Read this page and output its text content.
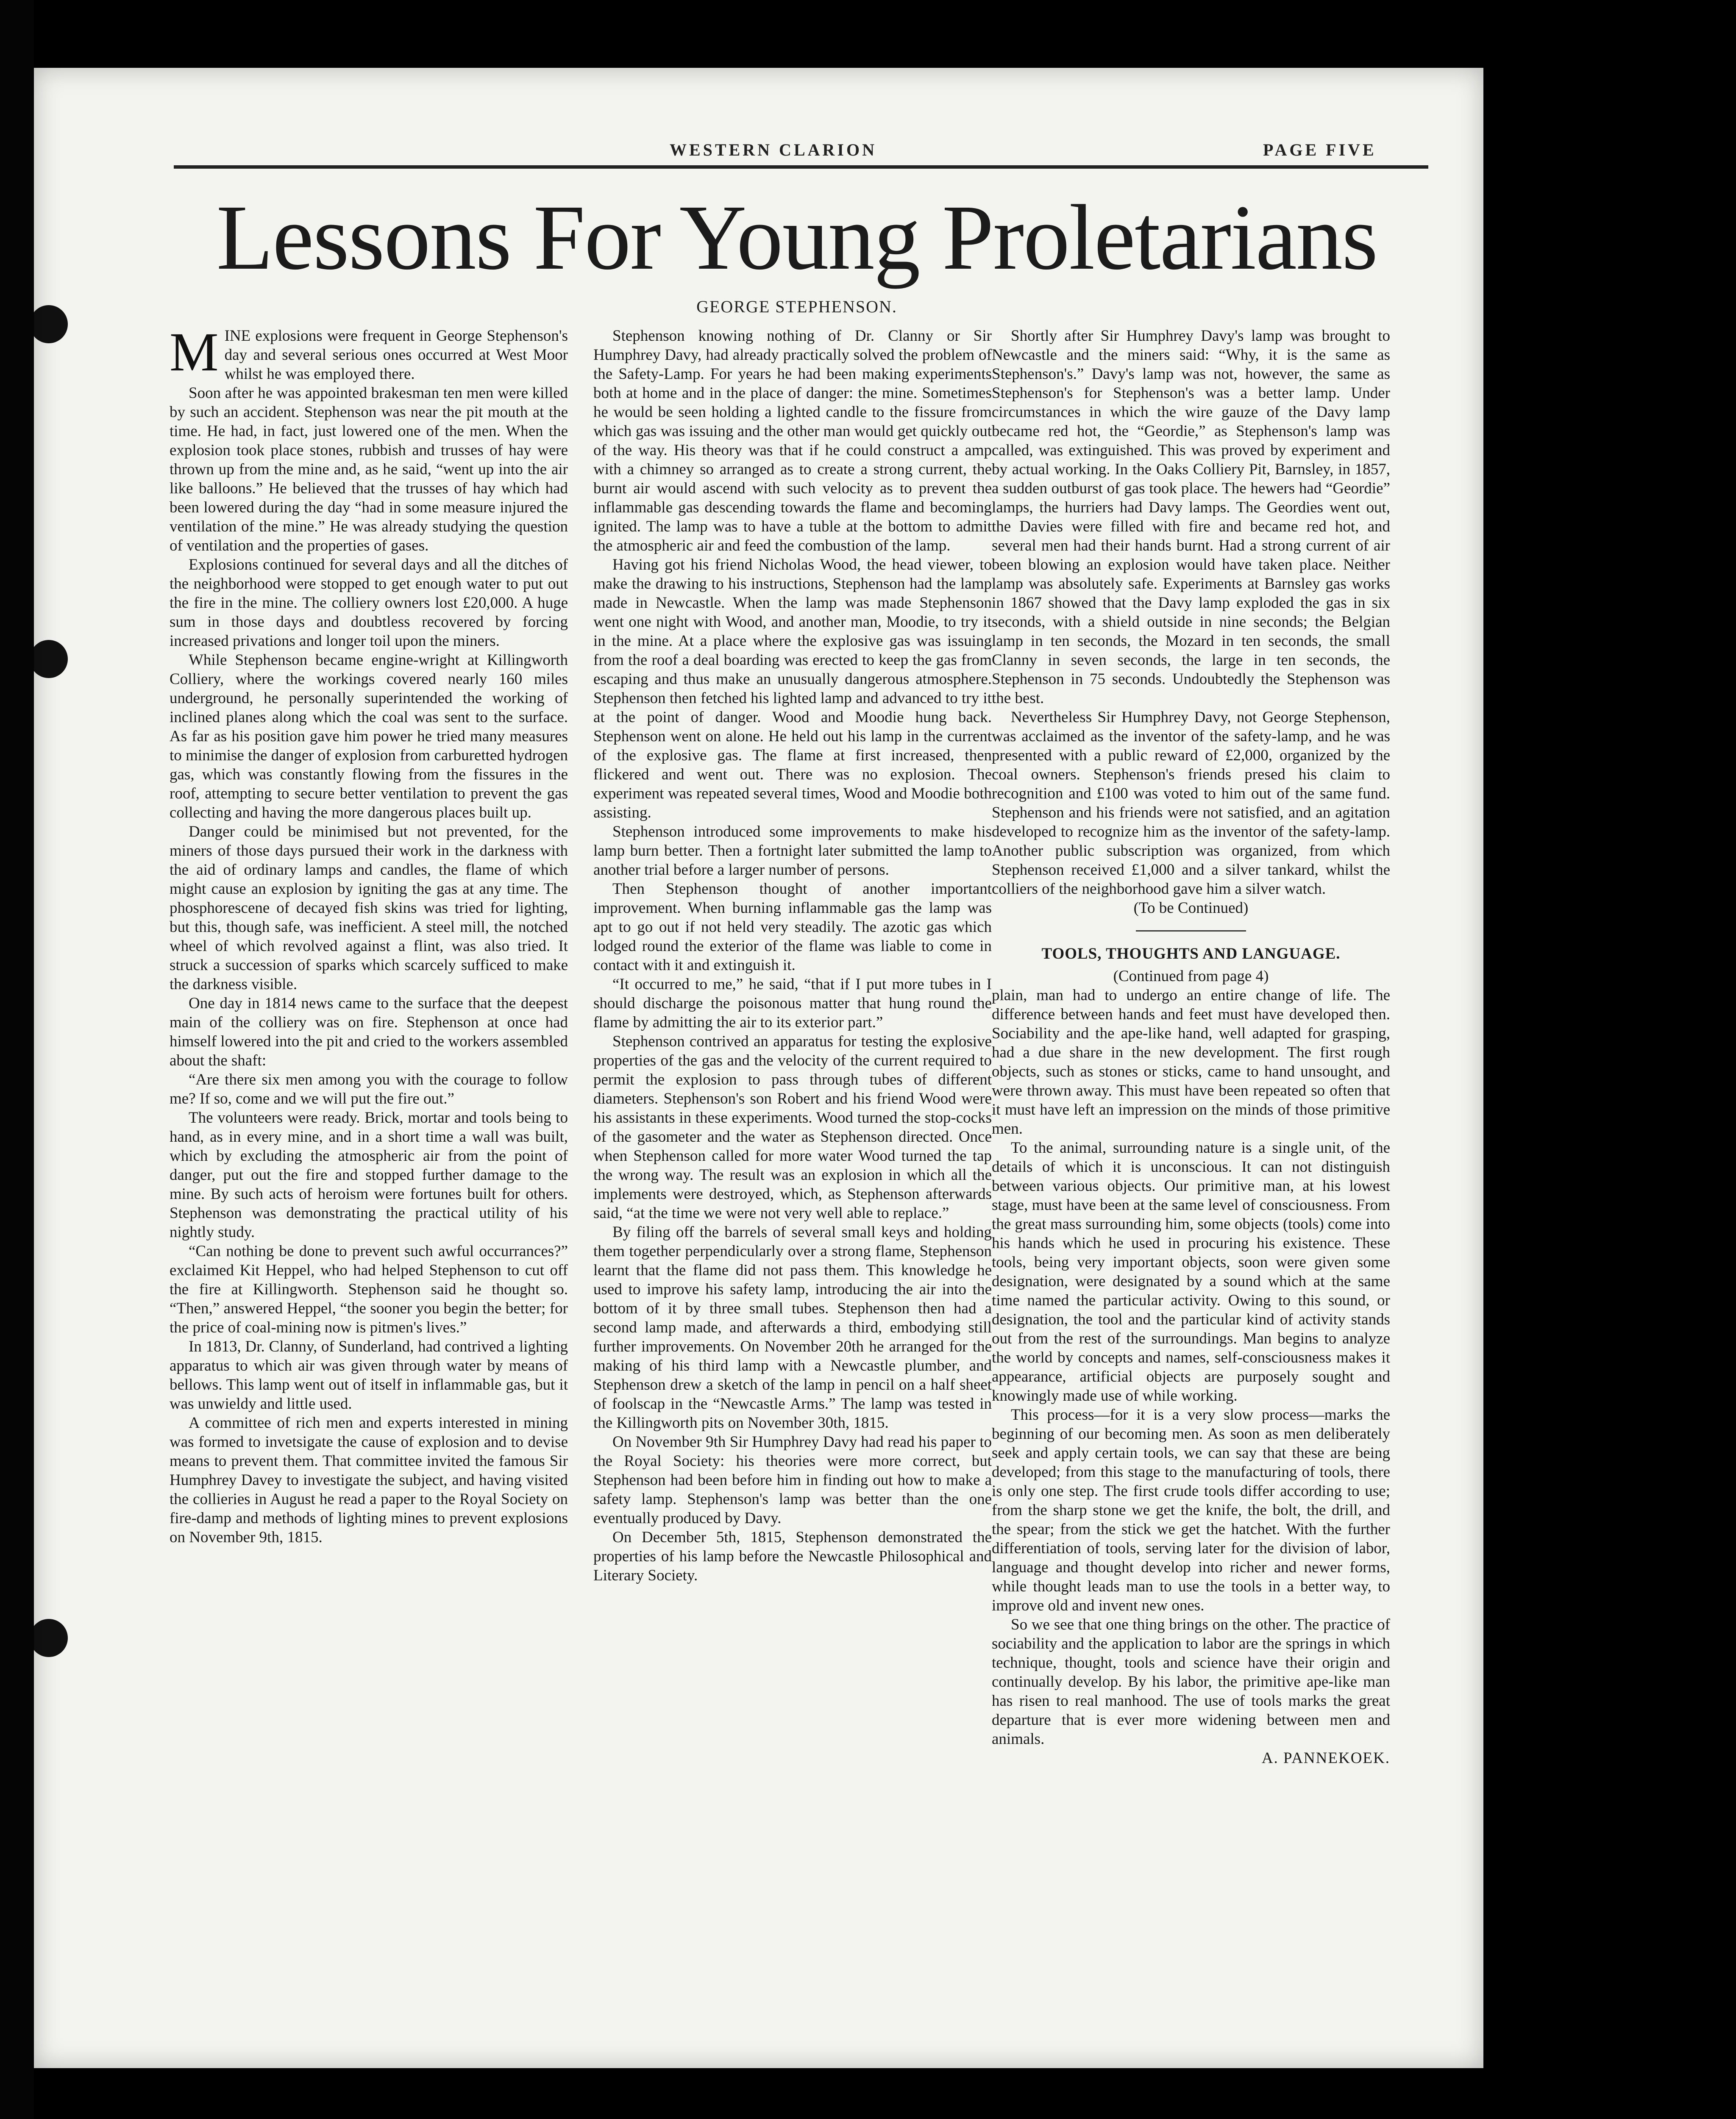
WESTERN CLARION	PAGE FIVE
Lessons For Young Proletarians
GEORGE STEPHENSON.

MINE explosions were frequent in George Stephenson's day and several serious ones occurred at West Moor whilst he was employed there.

Soon after he was appointed brakesman ten men were killed by such an accident. Stephenson was near the pit mouth at the time. He had, in fact, just lowered one of the men. When the explosion took place stones, rubbish and trusses of hay were thrown up from the mine and, as he said, “went up into the air like balloons.” He believed that the trusses of hay which had been lowered during the day “had in some measure injured the ventilation of the mine.” He was already studying the question of ventilation and the properties of gases.

Explosions continued for several days and all the ditches of the neighborhood were stopped to get enough water to put out the fire in the mine. The colliery owners lost £20,000. A huge sum in those days and doubtless recovered by forcing increased privations and longer toil upon the miners.

While Stephenson became engine-wright at Killingworth Colliery, where the workings covered nearly 160 miles underground, he personally superintended the working of inclined planes along which the coal was sent to the surface. As far as his position gave him power he tried many measures to minimise the danger of explosion from carburetted hydrogen gas, which was constantly flowing from the fissures in the roof, attempting to secure better ventilation to prevent the gas collecting and having the more dangerous places built up.

Danger could be minimised but not prevented, for the miners of those days pursued their work in the darkness with the aid of ordinary lamps and candles, the flame of which might cause an explosion by igniting the gas at any time. The phosphorescene of decayed fish skins was tried for lighting, but this, though safe, was inefficient. A steel mill, the notched wheel of which revolved against a flint, was also tried. It struck a succession of sparks which scarcely sufficed to make the darkness visible.

One day in 1814 news came to the surface that the deepest main of the colliery was on fire. Stephenson at once had himself lowered into the pit and cried to the workers assembled about the shaft:

“Are there six men among you with the courage to follow me? If so, come and we will put the fire out.”

The volunteers were ready. Brick, mortar and tools being to hand, as in every mine, and in a short time a wall was built, which by excluding the atmospheric air from the point of danger, put out the fire and stopped further damage to the mine. By such acts of heroism were fortunes built for others. Stephenson was demonstrating the practical utility of his nightly study.

“Can nothing be done to prevent such awful occurrances?” exclaimed Kit Heppel, who had helped Stephenson to cut off the fire at Killingworth. Stephenson said he thought so. “Then,” answered Heppel, “the sooner you begin the better; for the price of coal-mining now is pitmen's lives.”

In 1813, Dr. Clanny, of Sunderland, had contrived a lighting apparatus to which air was given through water by means of bellows. This lamp went out of itself in inflammable gas, but it was unwieldy and little used.

A committee of rich men and experts interested in mining was formed to invetsigate the cause of explosion and to devise means to prevent them. That committee invited the famous Sir Humphrey Davey to investigate the subject, and having visited the collieries in August he read a paper to the Royal Society on fire-damp and methods of lighting mines to prevent explosions on November 9th, 1815.

Stephenson knowing nothing of Dr. Clanny or Sir Humphrey Davy, had already practically solved the problem of the Safety-Lamp. For years he had been making experiments both at home and in the place of danger: the mine. Sometimes he would be seen holding a lighted candle to the fissure from which gas was issuing and the other man would get quickly out of the way. His theory was that if he could construct a amp with a chimney so arranged as to create a strong current, the burnt air would ascend with such velocity as to prevent the inflammable gas descending towards the flame and becoming ignited. The lamp was to have a tuble at the bottom to admit the atmospheric air and feed the combustion of the lamp.

Having got his friend Nicholas Wood, the head viewer, to make the drawing to his instructions, Stephenson had the lamp made in Newcastle. When the lamp was made Stephenson went one night with Wood, and another man, Moodie, to try it in the mine. At a place where the explosive gas was issuing from the roof a deal boarding was erected to keep the gas from escaping and thus make an unusually dangerous atmosphere. Stephenson then fetched his lighted lamp and advanced to try it at the point of danger. Wood and Moodie hung back. Stephenson went on alone. He held out his lamp in the current of the explosive gas. The flame at first increased, then flickered and went out. There was no explosion. The experiment was repeated several times, Wood and Moodie both assisting.

Stephenson introduced some improvements to make his lamp burn better. Then a fortnight later submitted the lamp to another trial before a larger number of persons.

Then Stephenson thought of another important improvement. When burning inflammable gas the lamp was apt to go out if not held very steadily. The azotic gas which lodged round the exterior of the flame was liable to come in contact with it and extinguish it.

“It occurred to me,” he said, “that if I put more tubes in I should discharge the poisonous matter that hung round the flame by admitting the air to its exterior part.”

Stephenson contrived an apparatus for testing the explosive properties of the gas and the velocity of the current required to permit the explosion to pass through tubes of different diameters. Stephenson's son Robert and his friend Wood were his assistants in these experiments. Wood turned the stop-cocks of the gasometer and the water as Stephenson directed. Once when Stephenson called for more water Wood turned the tap the wrong way. The result was an explosion in which all the implements were destroyed, which, as Stephenson afterwards said, “at the time we were not very well able to replace.”

By filing off the barrels of several small keys and holding them together perpendicularly over a strong flame, Stephenson learnt that the flame did not pass them. This knowledge he used to improve his safety lamp, introducing the air into the bottom of it by three small tubes. Stephenson then had a second lamp made, and afterwards a third, embodying still further improvements. On November 20th he arranged for the making of his third lamp with a Newcastle plumber, and Stephenson drew a sketch of the lamp in pencil on a half sheet of foolscap in the “Newcastle Arms.” The lamp was tested in the Killingworth pits on November 30th, 1815.

On November 9th Sir Humphrey Davy had read his paper to the Royal Society: his theories were more correct, but Stephenson had been before him in finding out how to make a safety lamp. Stephenson's lamp was better than the one eventually produced by Davy.

On December 5th, 1815, Stephenson demonstrated the properties of his lamp before the Newcastle Philosophical and Literary Society.

Shortly after Sir Humphrey Davy's lamp was brought to Newcastle and the miners said: “Why, it is the same as Stephenson's.” Davy's lamp was not, however, the same as Stephenson's for Stephenson's was a better lamp. Under circumstances in which the wire gauze of the Davy lamp became red hot, the “Geordie,” as Stephenson's lamp was called, was extinguished. This was proved by experiment and by actual working. In the Oaks Colliery Pit, Barnsley, in 1857, a sudden outburst of gas took place. The hewers had “Geordie” lamps, the hurriers had Davy lamps. The Geordies went out, the Davies were filled with fire and became red hot, and several men had their hands burnt. Had a strong current of air been blowing an explosion would have taken place. Neither lamp was absolutely safe. Experiments at Barnsley gas works in 1867 showed that the Davy lamp exploded the gas in six seconds, with a shield outside in nine seconds; the Belgian lamp in ten seconds, the Mozard in ten seconds, the small Clanny in seven seconds, the large in ten seconds, the Stephenson in 75 seconds. Undoubtedly the Stephenson was the best.

Nevertheless Sir Humphrey Davy, not George Stephenson, was acclaimed as the inventor of the safety-lamp, and he was presented with a public reward of £2,000, organized by the coal owners. Stephenson's friends presed his claim to recognition and £100 was voted to him out of the same fund. Stephenson and his friends were not satisfied, and an agitation developed to recognize him as the inventor of the safety-lamp. Another public subscription was organized, from which Stephenson received £1,000 and a silver tankard, whilst the colliers of the neighborhood gave him a silver watch.

(To be Continued)

TOOLS, THOUGHTS AND LANGUAGE.

(Continued from page 4)

plain, man had to undergo an entire change of life. The difference between hands and feet must have developed then. Sociability and the ape-like hand, well adapted for grasping, had a due share in the new development. The first rough objects, such as stones or sticks, came to hand unsought, and were thrown away. This must have been repeated so often that it must have left an impression on the minds of those primitive men.

To the animal, surrounding nature is a single unit, of the details of which it is unconscious. It can not distinguish between various objects. Our primitive man, at his lowest stage, must have been at the same level of consciousness. From the great mass surrounding him, some objects (tools) come into his hands which he used in procuring his existence. These tools, being very important objects, soon were given some designation, were designated by a sound which at the same time named the particular activity. Owing to this sound, or designation, the tool and the particular kind of activity stands out from the rest of the surroundings. Man begins to analyze the world by concepts and names, self-consciousness makes it appearance, artificial objects are purposely sought and knowingly made use of while working.

This process—for it is a very slow process—marks the beginning of our becoming men. As soon as men deliberately seek and apply certain tools, we can say that these are being developed; from this stage to the manufacturing of tools, there is only one step. The first crude tools differ according to use; from the sharp stone we get the knife, the bolt, the drill, and the spear; from the stick we get the hatchet. With the further differentiation of tools, serving later for the division of labor, language and thought develop into richer and newer forms, while thought leads man to use the tools in a better way, to improve old and invent new ones.

So we see that one thing brings on the other. The practice of sociability and the application to labor are the springs in which technique, thought, tools and science have their origin and continually develop. By his labor, the primitive ape-like man has risen to real manhood. The use of tools marks the great departure that is ever more widening between men and animals.

A. PANNEKOEK.
